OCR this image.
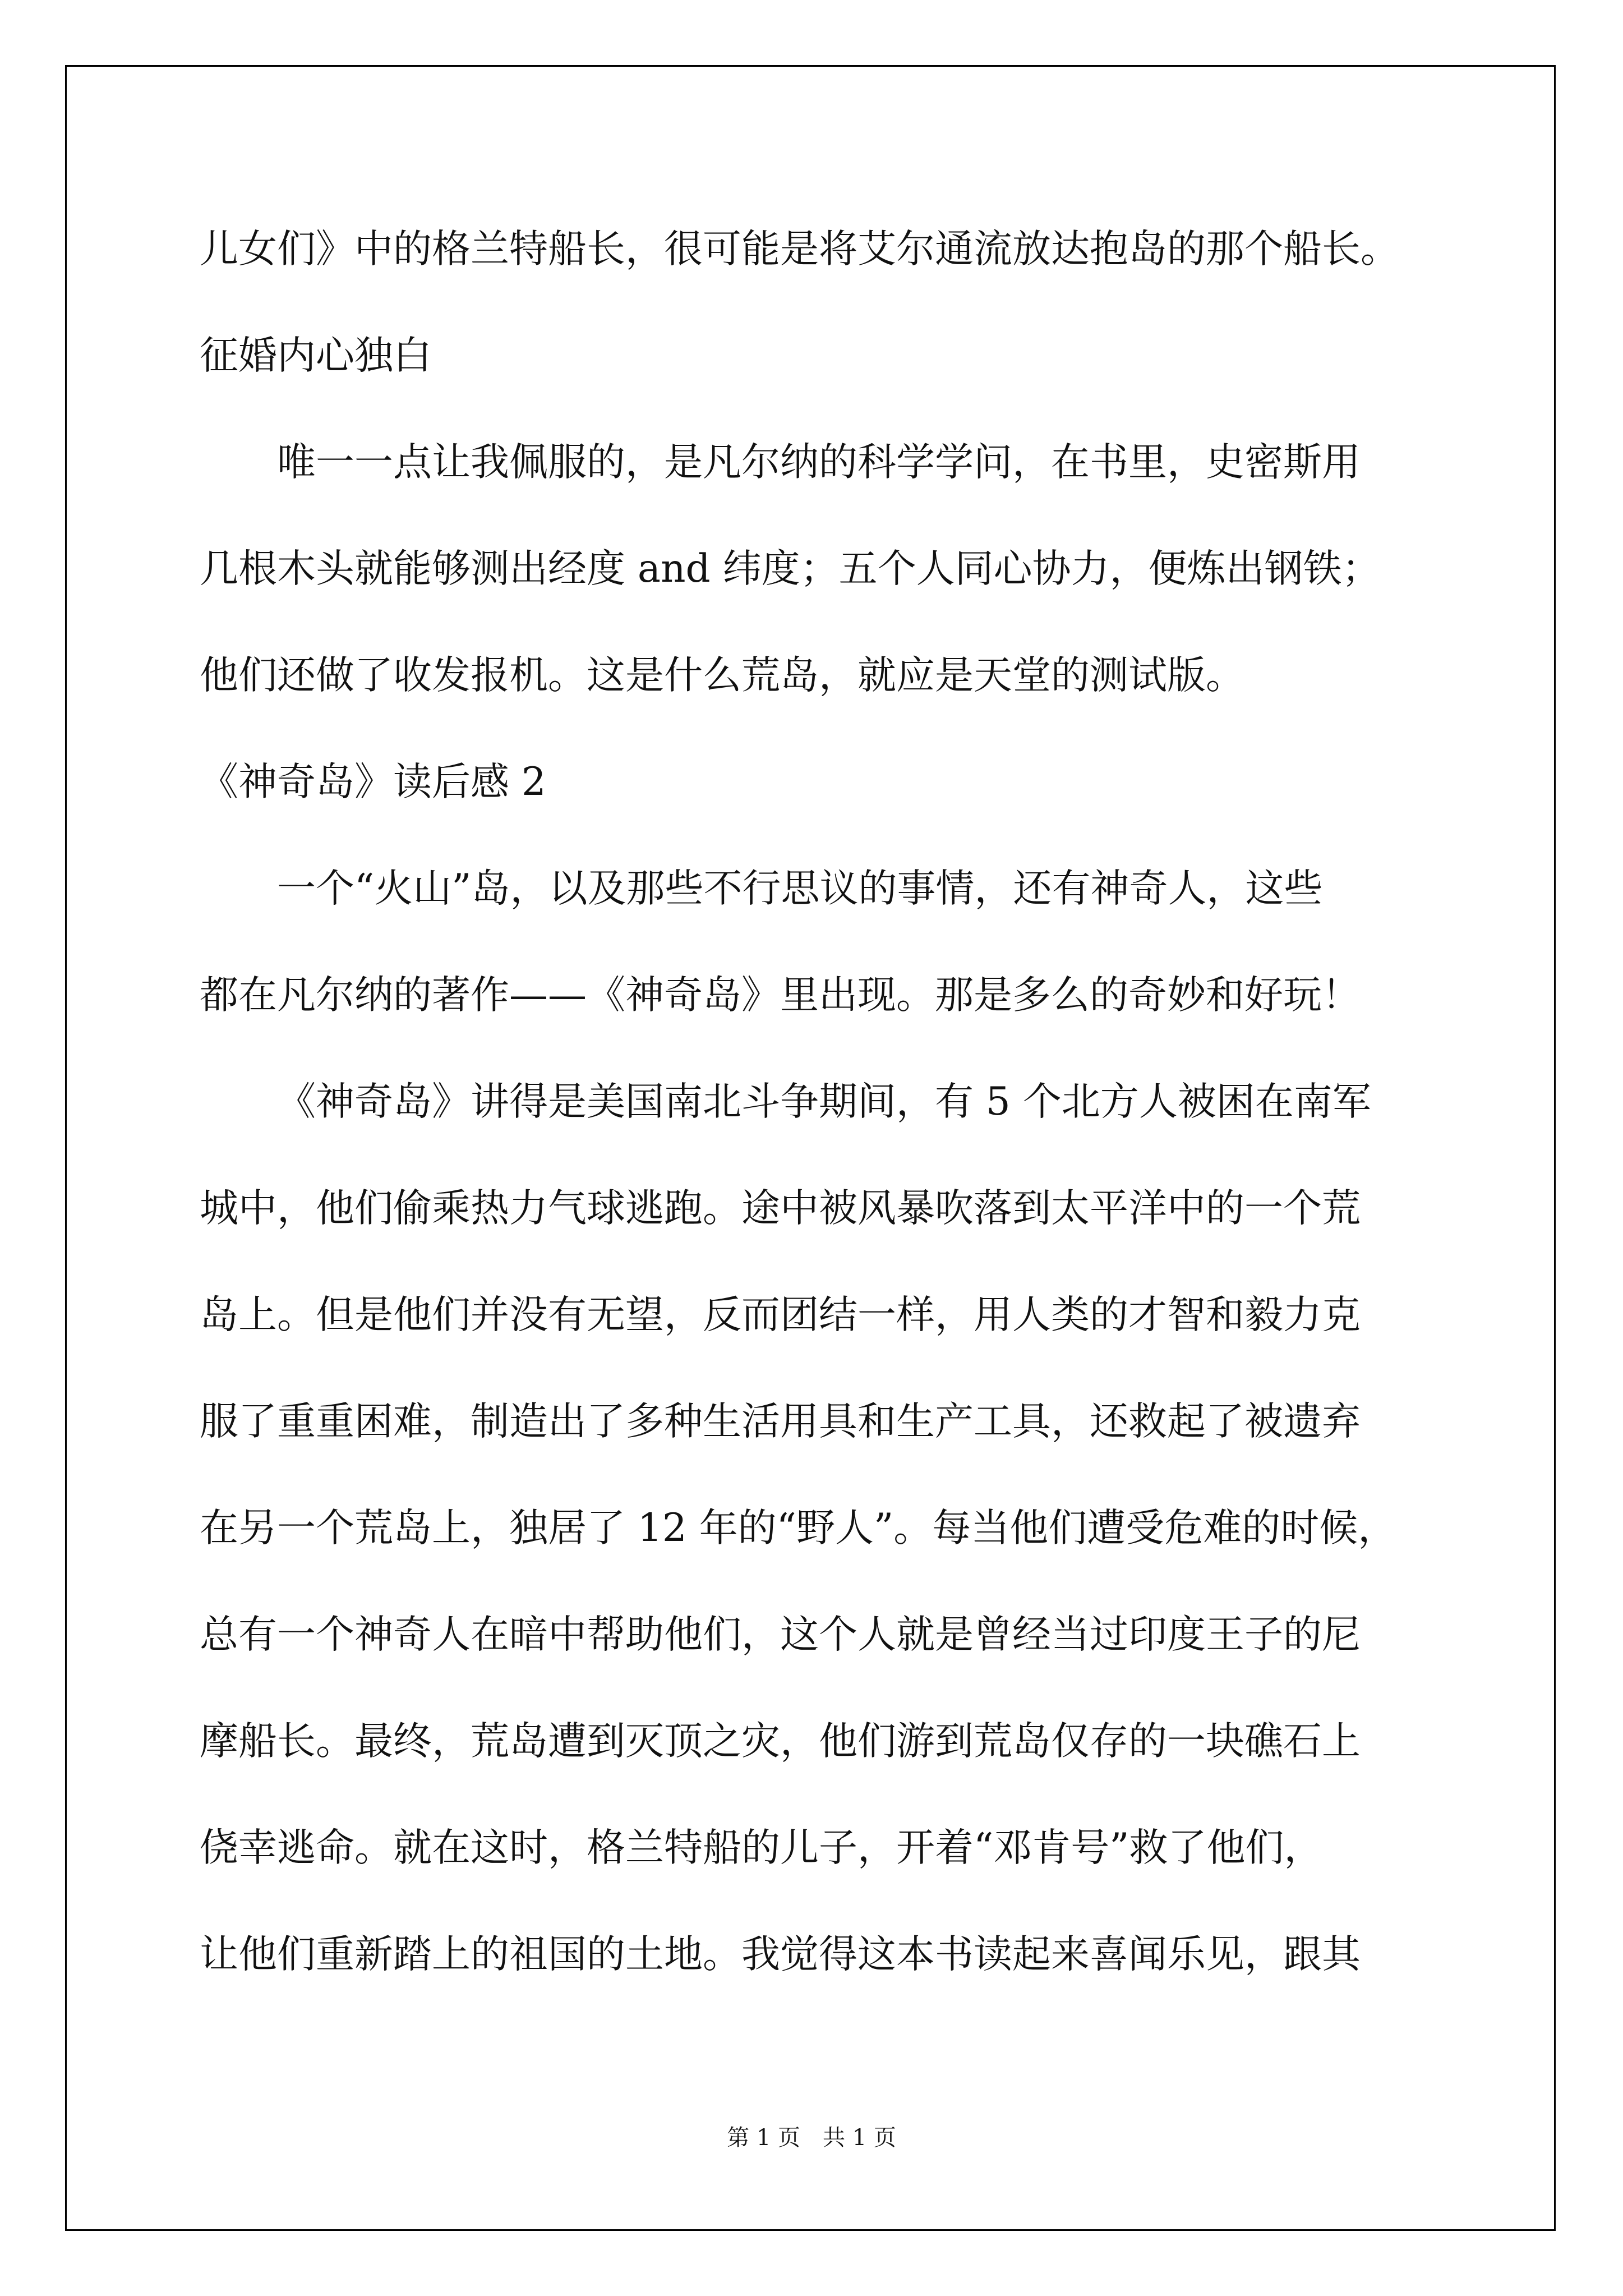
儿女们》中的格兰特船长，很可能是将艾尔通流放达抱岛的那个船长。

征婚内心独白

唯一一点让我佩服的，是凡尔纳的科学学问，在书里，史密斯用

几根木头就能够测出经度 and 纬度；五个人同心协力，便炼出钢铁；

他们还做了收发报机。这是什么荒岛，就应是天堂的测试版。

《神奇岛》读后感 2

一个“火山”岛，以及那些不行思议的事情，还有神奇人，这些

都在凡尔纳的著作——《神奇岛》里出现。那是多么的奇妙和好玩！

《神奇岛》讲得是美国南北斗争期间，有 5 个北方人被困在南军

城中，他们偷乘热力气球逃跑。途中被风暴吹落到太平洋中的一个荒

岛上。但是他们并没有无望，反而团结一样，用人类的才智和毅力克

服了重重困难，制造出了多种生活用具和生产工具，还救起了被遗弃

在另一个荒岛上，独居了 12 年的“野人”。每当他们遭受危难的时候，

总有一个神奇人在暗中帮助他们，这个人就是曾经当过印度王子的尼

摩船长。最终，荒岛遭到灭顶之灾，他们游到荒岛仅存的一块礁石上

侥幸逃命。就在这时，格兰特船的儿子，开着“邓肯号”救了他们，

让他们重新踏上的祖国的土地。我觉得这本书读起来喜闻乐见，跟其

第 1 页　共 1 页
